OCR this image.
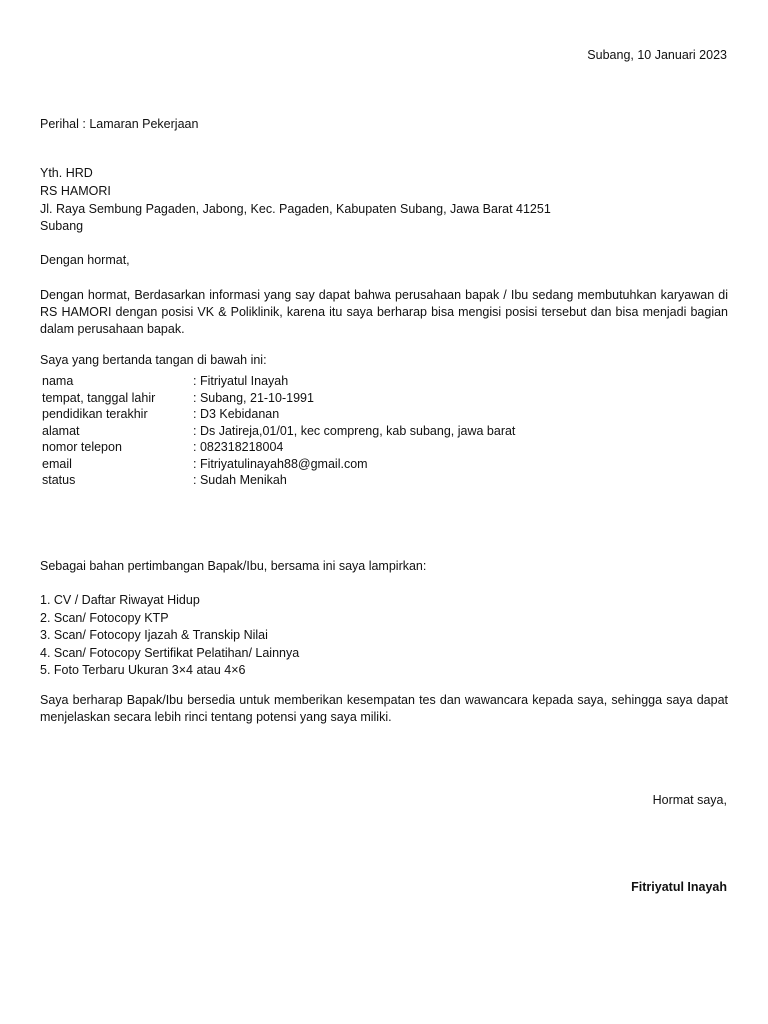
Subang, 10 Januari 2023
Perihal : Lamaran Pekerjaan
Yth. HRD
RS HAMORI
Jl. Raya Sembung Pagaden, Jabong, Kec. Pagaden, Kabupaten Subang, Jawa Barat 41251
Subang
Dengan hormat,
Dengan hormat, Berdasarkan informasi yang say dapat bahwa perusahaan bapak / Ibu sedang membutuhkan karyawan di
RS HAMORI dengan posisi VK & Poliklinik, karena itu saya berharap bisa mengisi posisi tersebut dan bisa menjadi bagian
dalam perusahaan bapak.
Saya yang bertanda tangan di bawah ini:
nama	: Fitriyatul Inayah
tempat, tanggal lahir	: Subang, 21-10-1991
pendidikan terakhir	: D3 Kebidanan
alamat	: Ds Jatireja,01/01, kec compreng, kab subang, jawa barat
nomor telepon	: 082318218004
email	: Fitriyatulinayah88@gmail.com
status	: Sudah Menikah
Sebagai bahan pertimbangan Bapak/Ibu, bersama ini saya lampirkan:
1. CV / Daftar Riwayat Hidup
2. Scan/ Fotocopy KTP
3. Scan/ Fotocopy Ijazah & Transkip Nilai
4. Scan/ Fotocopy Sertifikat Pelatihan/ Lainnya
5. Foto Terbaru Ukuran 3×4 atau 4×6
Saya berharap Bapak/Ibu bersedia untuk memberikan kesempatan tes dan wawancara kepada saya, sehingga saya dapat
menjelaskan secara lebih rinci tentang potensi yang saya miliki.
Hormat saya,
Fitriyatul Inayah
